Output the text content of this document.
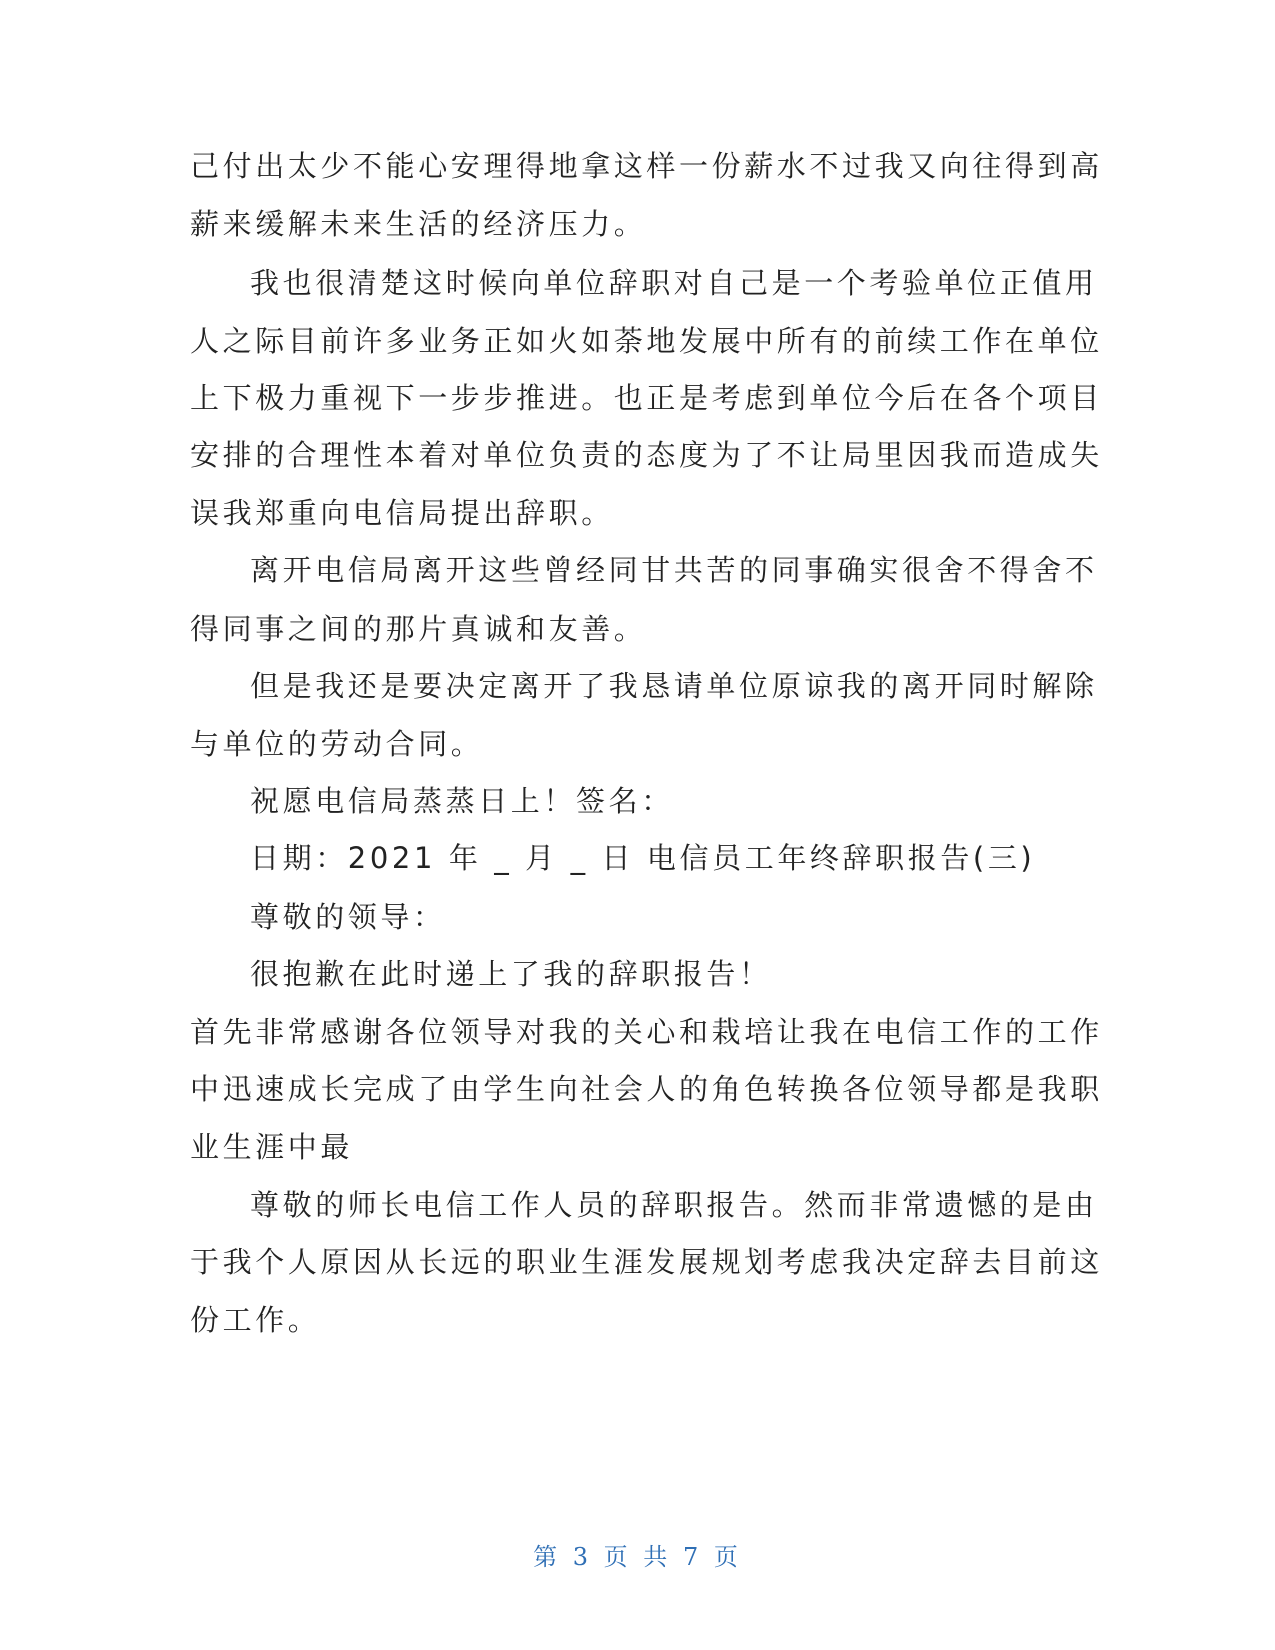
己付出太少不能心安理得地拿这样一份薪水不过我又向往得到高
薪来缓解未来生活的经济压力。
我也很清楚这时候向单位辞职对自己是一个考验单位正值用
人之际目前许多业务正如火如荼地发展中所有的前续工作在单位
上下极力重视下一步步推进。也正是考虑到单位今后在各个项目
安排的合理性本着对单位负责的态度为了不让局里因我而造成失
误我郑重向电信局提出辞职。
离开电信局离开这些曾经同甘共苦的同事确实很舍不得舍不
得同事之间的那片真诚和友善。
但是我还是要决定离开了我恳请单位原谅我的离开同时解除
与单位的劳动合同。
祝愿电信局蒸蒸日上！签名：
日期：2021 年 _ 月 _ 日 电信员工年终辞职报告(三)
尊敬的领导：
很抱歉在此时递上了我的辞职报告！
首先非常感谢各位领导对我的关心和栽培让我在电信工作的工作
中迅速成长完成了由学生向社会人的角色转换各位领导都是我职
业生涯中最
尊敬的师长电信工作人员的辞职报告。然而非常遗憾的是由
于我个人原因从长远的职业生涯发展规划考虑我决定辞去目前这
份工作。
第 3 页 共 7 页
